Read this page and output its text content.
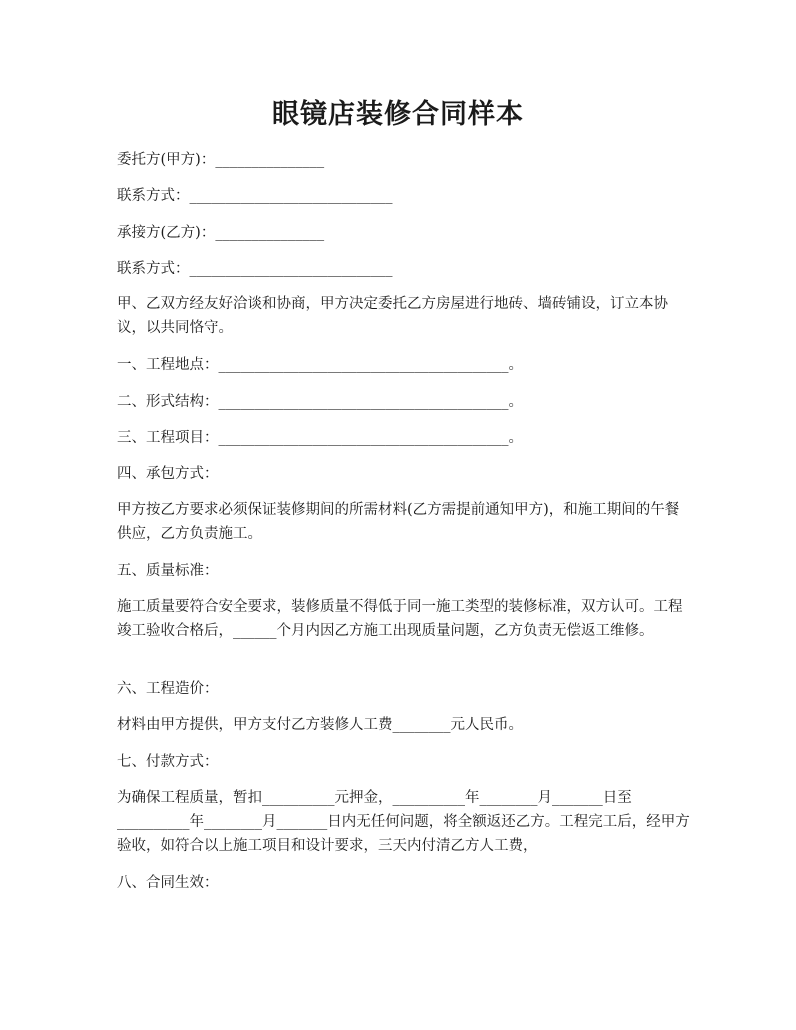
眼镜店装修合同样本
委托方(甲方)：_______________
联系方式：____________________________
承接方(乙方)：_______________
联系方式：____________________________
甲、乙双方经友好洽谈和协商，甲方决定委托乙方房屋进行地砖、墙砖铺设，订立本协议，以共同恪守。
一、工程地点：________________________________________。
二、形式结构：________________________________________。
三、工程项目：________________________________________。
四、承包方式：
甲方按乙方要求必须保证装修期间的所需材料(乙方需提前通知甲方)，和施工期间的午餐供应，乙方负责施工。
五、质量标准：
施工质量要符合安全要求，装修质量不得低于同一施工类型的装修标准，双方认可。工程竣工验收合格后，______个月内因乙方施工出现质量问题，乙方负责无偿返工维修。
六、工程造价：
材料由甲方提供，甲方支付乙方装修人工费________元人民币。
七、付款方式：
为确保工程质量，暂扣__________元押金，__________年________月_______日至__________年________月_______日内无任何问题，将全额返还乙方。工程完工后，经甲方验收，如符合以上施工项目和设计要求，三天内付清乙方人工费，
八、合同生效：
